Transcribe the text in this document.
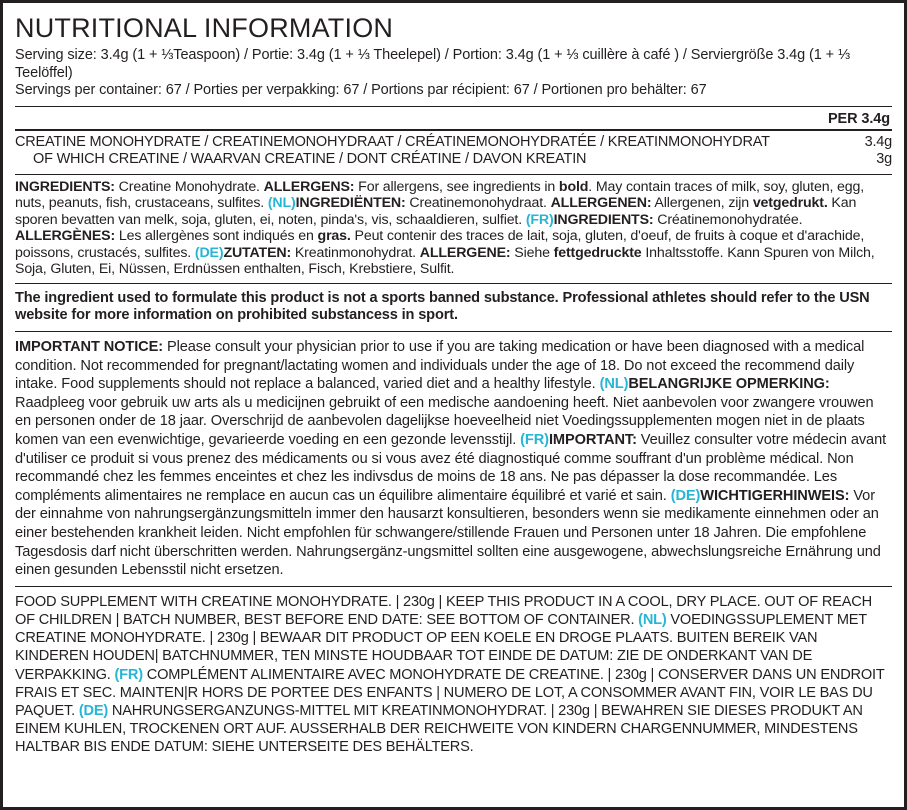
NUTRITIONAL INFORMATION
Serving size: 3.4g (1 + ⅓Teaspoon) / Portie: 3.4g (1 + ⅓ Theelepel) / Portion: 3.4g (1 + ⅓ cuillère à café ) / Serviergröße 3.4g (1 + ⅓ Teelöffel)
Servings per container: 67 / Porties per verpakking: 67 / Portions par récipient: 67 / Portionen pro behälter: 67
PER 3.4g
CREATINE MONOHYDRATE / CREATINEMONOHYDRAAT / CRÉATINEMONOHYDRATÉE / KREATINMONOHYDRAT	3.4g
OF WHICH CREATINE / WAARVAN CREATINE / DONT CRÉATINE / DAVON KREATIN	3g
INGREDIENTS: Creatine Monohydrate. ALLERGENS: For allergens, see ingredients in bold. May contain traces of milk, soy, gluten, egg, nuts, peanuts, fish, crustaceans, sulfites. (NL)INGREDIËNTEN: Creatinemonohydraat. ALLERGENEN: Allergenen, zijn vetgedrukt. Kan sporen bevatten van melk, soja, gluten, ei, noten, pinda's, vis, schaaldieren, sulfiet. (FR)INGREDIENTS: Créatinemonohydratée. ALLERGÈNES: Les allergènes sont indiqués en gras. Peut contenir des traces de lait, soja, gluten, d'oeuf, de fruits à coque et d'arachide, poissons, crustacés, sulfites. (DE)ZUTATEN: Kreatinmonohydrat. ALLERGENE: Siehe fettgedruckte Inhaltsstoffe. Kann Spuren von Milch, Soja, Gluten, Ei, Nüssen, Erdnüssen enthalten, Fisch, Krebstiere, Sulfit.
The ingredient used to formulate this product is not a sports banned substance. Professional athletes should refer to the USN website for more information on prohibited substancess in sport.
IMPORTANT NOTICE: Please consult your physician prior to use if you are taking medication or have been diagnosed with a medical condition. Not recommended for pregnant/lactating women and individuals under the age of 18. Do not exceed the recommend daily intake. Food supplements should not replace a balanced, varied diet and a healthy lifestyle. (NL)BELANGRIJKE OPMERKING: Raadpleeg voor gebruik uw arts als u medicijnen gebruikt of een medische aandoening heeft. Niet aanbevolen voor zwangere vrouwen en personen onder de 18 jaar. Overschrijd de aanbevolen dagelijkse hoeveelheid niet Voedingssupplementen mogen niet in de plaats komen van een evenwichtige, gevarieerde voeding en een gezonde levensstijl. (FR)IMPORTANT: Veuillez consulter votre médecin avant d'utiliser ce produit si vous prenez des médicaments ou si vous avez été diagnostiqué comme souffrant d'un problème médical. Non recommandé chez les femmes enceintes et chez les indivsdus de moins de 18 ans. Ne pas dépasser la dose recommandée. Les compléments alimentaires ne remplace en aucun cas un équilibre alimentaire équilibré et varié et sain. (DE)WICHTIGERHINWEIS: Vor der einnahme von nahrungsergänzungsmitteln immer den hausarzt konsultieren, besonders wenn sie medikamente einnehmen oder an einer bestehenden krankheit leiden. Nicht empfohlen für schwangere/stillende Frauen und Personen unter 18 Jahren. Die empfohlene Tagesdosis darf nicht überschritten werden. Nahrungsergänz-ungsmittel sollten eine ausgewogene, abwechslungsreiche Ernährung und einen gesunden Lebensstil nicht ersetzen.
FOOD SUPPLEMENT WITH CREATINE MONOHYDRATE. | 230g | KEEP THIS PRODUCT IN A COOL, DRY PLACE. OUT OF REACH OF CHILDREN | BATCH NUMBER, BEST BEFORE END DATE: SEE BOTTOM OF CONTAINER. (NL) VOEDINGSSUPLEMENT MET CREATINE MONOHYDRATE. | 230g | BEWAAR DIT PRODUCT OP EEN KOELE EN DROGE PLAATS. BUITEN BEREIK VAN KINDEREN HOUDEN| BATCHNUMMER, TEN MINSTE HOUDBAAR TOT EINDE DE DATUM: ZIE DE ONDERKANT VAN DE VERPAKKING. (FR) COMPLÉMENT ALIMENTAIRE AVEC MONOHYDRATE DE CREATINE. | 230g | CONSERVER DANS UN ENDROIT FRAIS ET SEC. MAINTEN|R HORS DE PORTEE DES ENFANTS | NUMERO DE LOT, A CONSOMMER AVANT FIN, VOIR LE BAS DU PAQUET. (DE) NAHRUNGSERGANZUNGS-MITTEL MIT KREATINMONOHYDRAT. | 230g | BEWAHREN SIE DIESES PRODUKT AN EINEM KUHLEN, TROCKENEN ORT AUF. AUSSERHALB DER REICHWEITE VON KINDERN CHARGENNUMMER, MINDESTENS HALTBAR BIS ENDE DATUM: SIEHE UNTERSEITE DES BEHÄLTERS.
